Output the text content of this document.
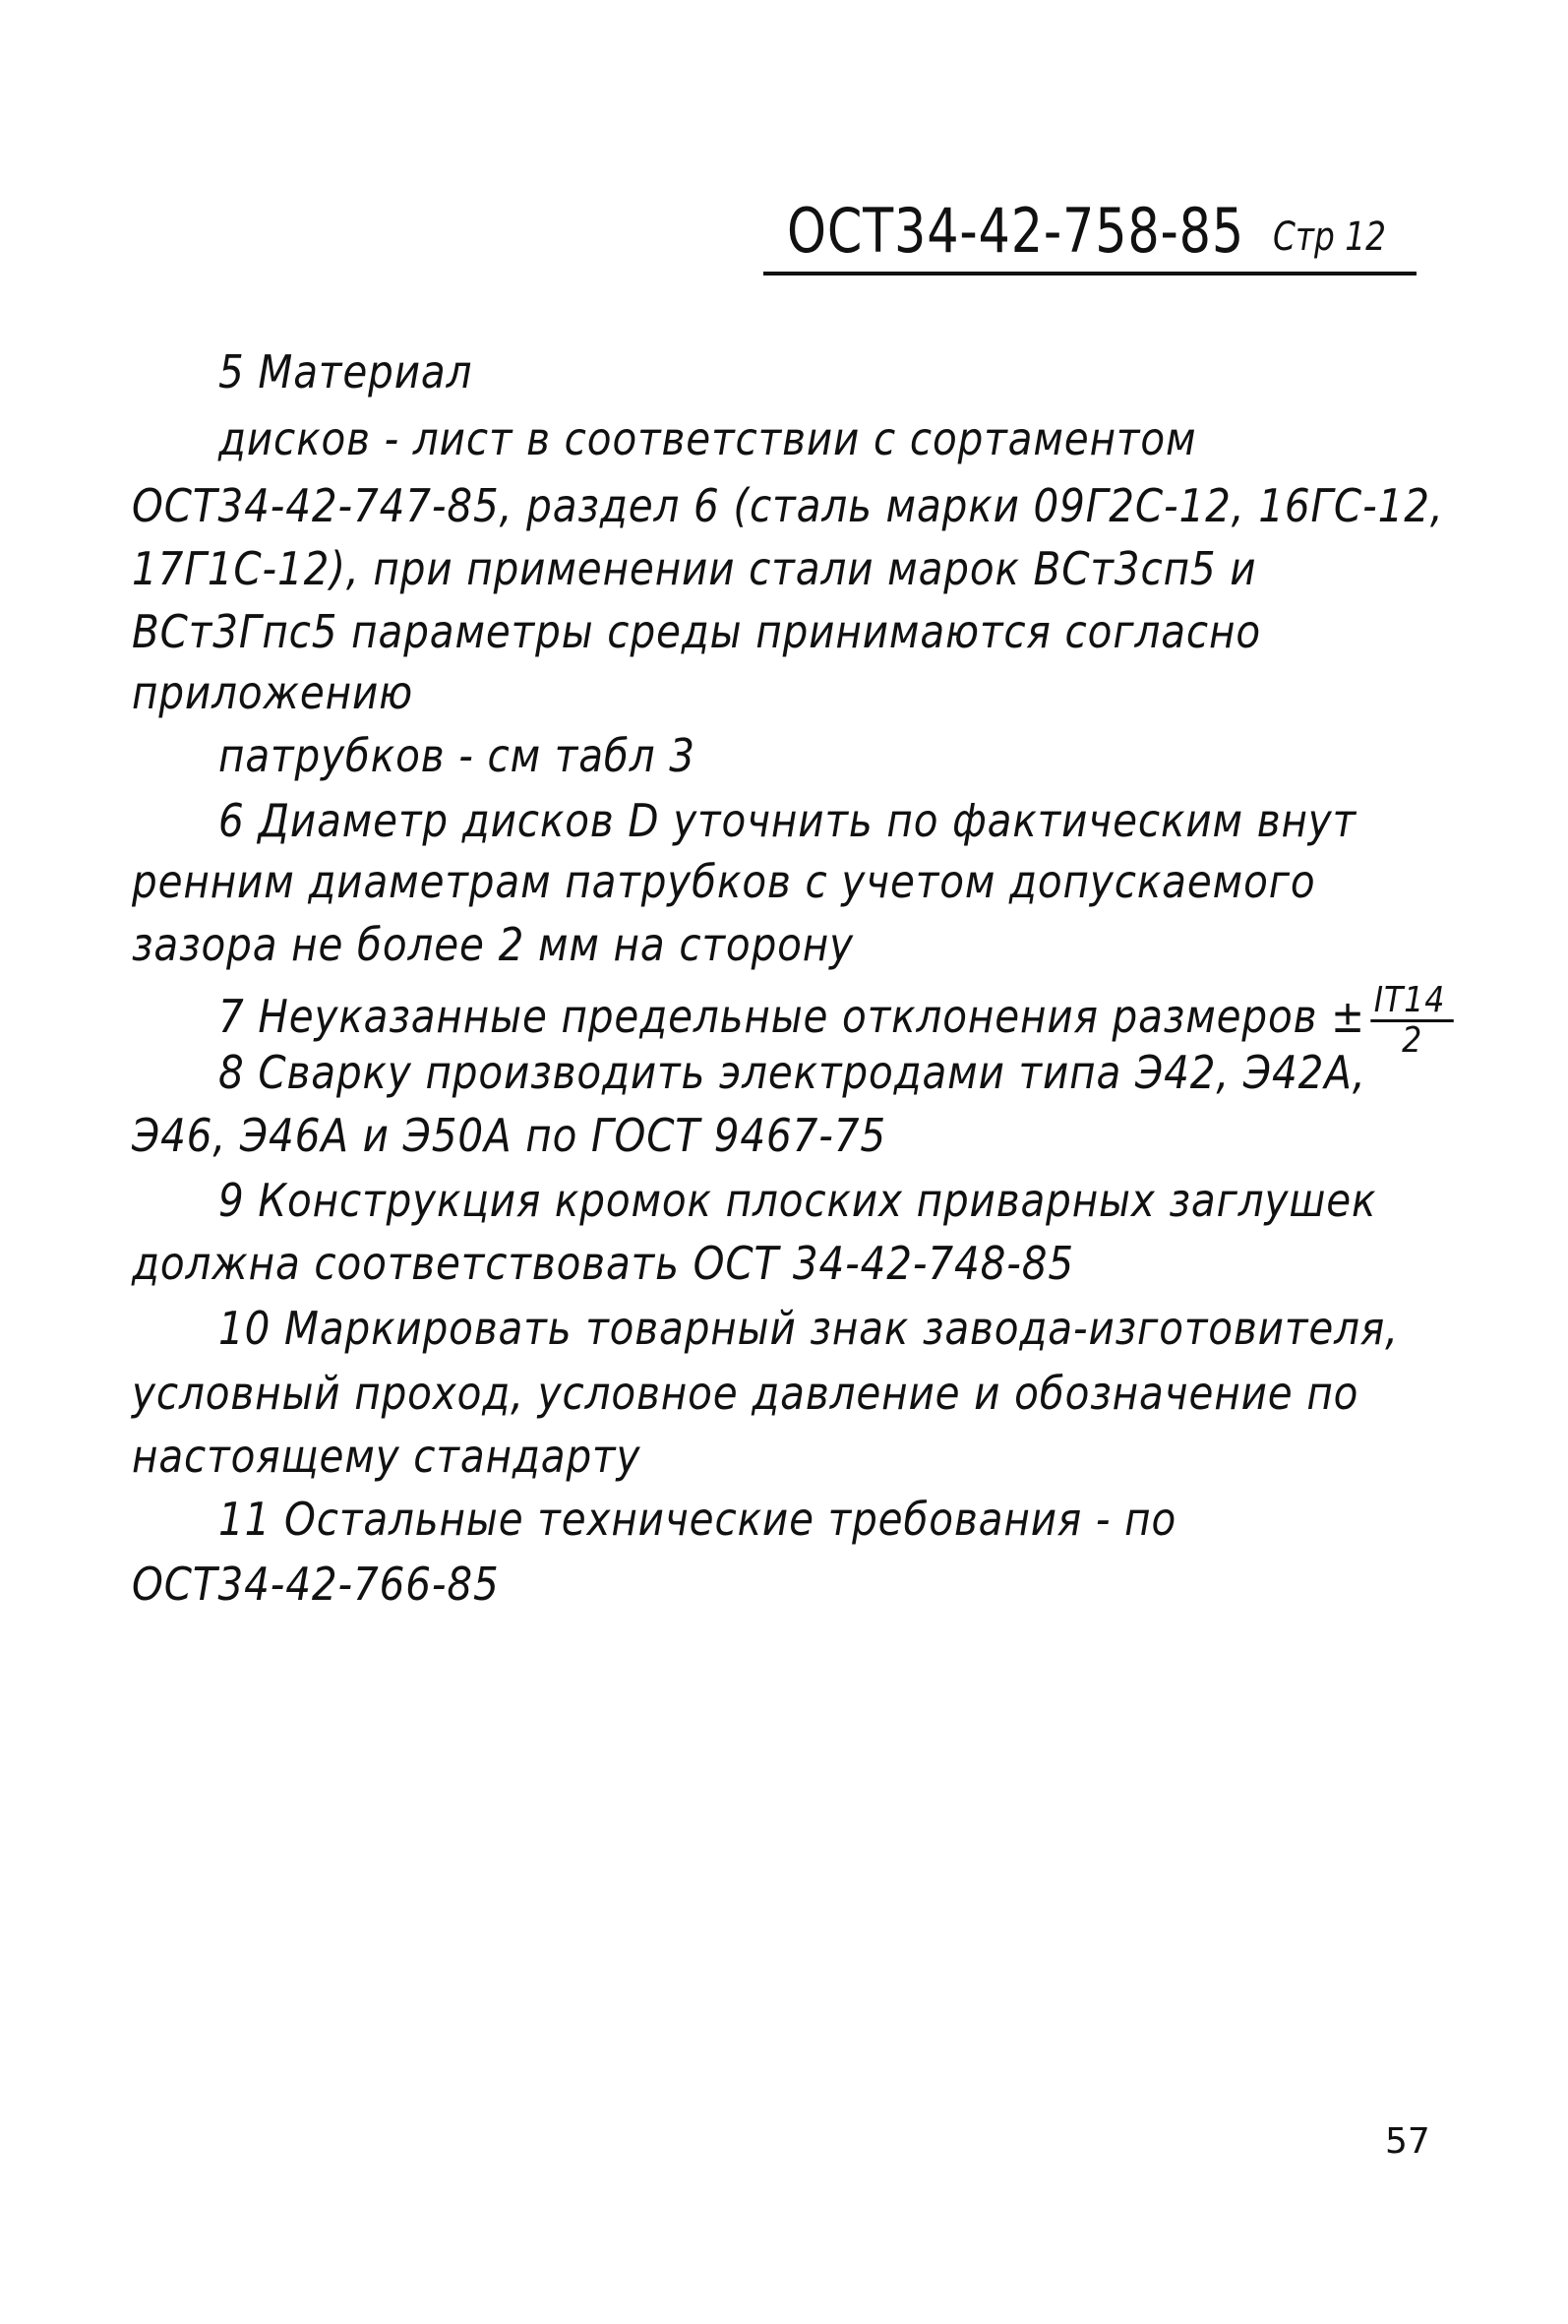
ОСТ34-42-758-85 Стр 12

5 Материал

дисков - лист в соответствии с сортаментом

ОСТ34-42-747-85, раздел 6 (сталь марки 09Г2С-12, 16ГС-12,

17Г1С-12), при применении стали марок ВСт3сп5 и

ВСт3Гпс5 параметры среды принимаются согласно

приложению

патрубков - см табл 3

6 Диаметр дисков D уточнить по фактическим внут

ренним диаметрам патрубков с учетом допускаемого

зазора не более 2 мм на сторону

7 Неуказанные предельные отклонения размеров ± $\frac{IT14}{2}$

8 Сварку производить электродами типа Э42, Э42А,

Э46, Э46А и Э50А по ГОСТ 9467-75

9 Конструкция кромок плоских приварных заглушек

должна соответствовать ОСТ 34-42-748-85

10 Маркировать товарный знак завода-изготовителя,

условный проход, условное давление и обозначение по

настоящему стандарту

11 Остальные технические требования - по

ОСТ34-42-766-85

57
